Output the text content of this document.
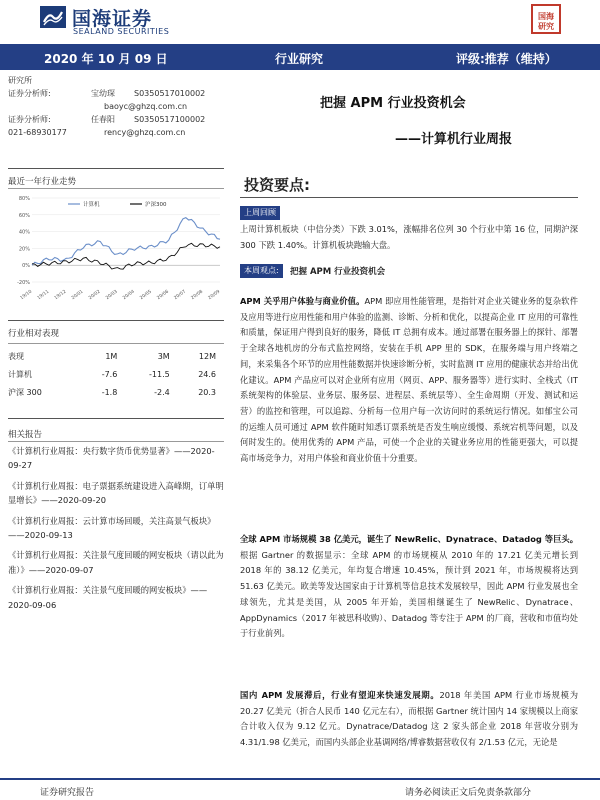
国海证券
SEALAND SECURITIES
国海
研究
2020 年 10 月 09 日	行业研究	评级:推荐（维持）
研究所
证券分析师:	宝幼琛 S0350517010002
baoyc@ghzq.com.cn
证券分析师:	任春阳 S0350517100002
021-68930177	rency@ghzq.com.cn
把握 APM 行业投资机会
——计算机行业周报
最近一年行业走势
-20%
0%
20%
40%
60%
80%
19/10 19/11 19/12 20/01 20/02 20/03 20/04 20/05 20/06 20/07 20/08 20/09
计算机	沪深300
行业相对表现
表现	1M	3M	12M
计算机	-7.6	-11.5	24.6
沪深 300	-1.8	-2.4	20.3
相关报告
《计算机行业周报：央行数字货币优势显著》——2020-09-27
《计算机行业周报：电子票据系统建设进入高峰期，订单明显增长》——2020-09-20
《计算机行业周报：云计算市场回暖，关注高景气板块》——2020-09-13
《计算机行业周报：关注景气度回暖的网安板块（请以此为准）》——2020-09-07
《计算机行业周报：关注景气度回暖的网安板块》——2020-09-06
投资要点:
上周回顾
上周计算机板块（中信分类）下跌 3.01%，涨幅排名位列 30 个行业中第 16 位，同期沪深 300 下跌 1.40%。计算机板块跑输大盘。
本周观点:	把握 APM 行业投资机会
APM 关乎用户体验与商业价值。APM 即应用性能管理，是指针对企业关键业务的复杂软件及应用等进行应用性能和用户体验的监测、诊断、分析和优化，以提高企业 IT 应用的可靠性和质量，保证用户得到良好的服务，降低 IT 总拥有成本。通过部署在服务器上的探针、部署于全球各地机房的分布式监控网络，安装在手机 APP 里的 SDK，在服务端与用户终端之间，来采集各个环节的应用性能数据并快速诊断分析，实时监测 IT 应用的健康状态并给出优化建议。APM 产品应可以对企业所有应用（网页、APP、服务器等）进行实时、全栈式（IT 系统架构的体验层、业务层、服务层、进程层、系统层等）、全生命周期（开发、测试和运营）的监控和管理，可以追踪、分析每一位用户每一次访问时的系统运行情况。如郁宝公司的运维人员可通过 APM 软件随时知悉订票系统是否发生响应缓慢、系统宕机等问题，以及何时发生的。使用优秀的 APM 产品，可使一个企业的关键业务应用的性能更强大，可以提高市场竞争力，对用户体验和商业价值十分重要。
全球 APM 市场规模 38 亿美元，诞生了 NewRelic、Dynatrace、Datadog 等巨头。根据 Gartner 的数据显示：全球 APM 的市场规模从 2010 年的 17.21 亿美元增长到 2018 年的 38.12 亿美元，年均复合增速 10.45%，预计到 2021 年，市场规模将达到 51.63 亿美元。欧美等发达国家由于计算机等信息技术发展较早，因此 APM 行业发展也全球领先，尤其是美国，从 2005 年开始，美国相继诞生了 NewRelic、Dynatrace、AppDynamics（2017 年被思科收购）、Datadog 等专注于 APM 的厂商，营收和市值均处于行业前列。
国内 APM 发展滞后，行业有望迎来快速发展期。2018 年美国 APM 行业市场规模为 20.27 亿美元（折合人民币 140 亿元左右），而根据 Gartner 统计国内 14 家规模以上商家合计收入仅为 9.12 亿元。Dynatrace/Datadog 这 2 家头部企业 2018 年营收分别为 4.31/1.98 亿美元，而国内头部企业基调网络/博睿数据营收仅有 2/1.53 亿元，无论是
证券研究报告	请务必阅读正文后免责条款部分
